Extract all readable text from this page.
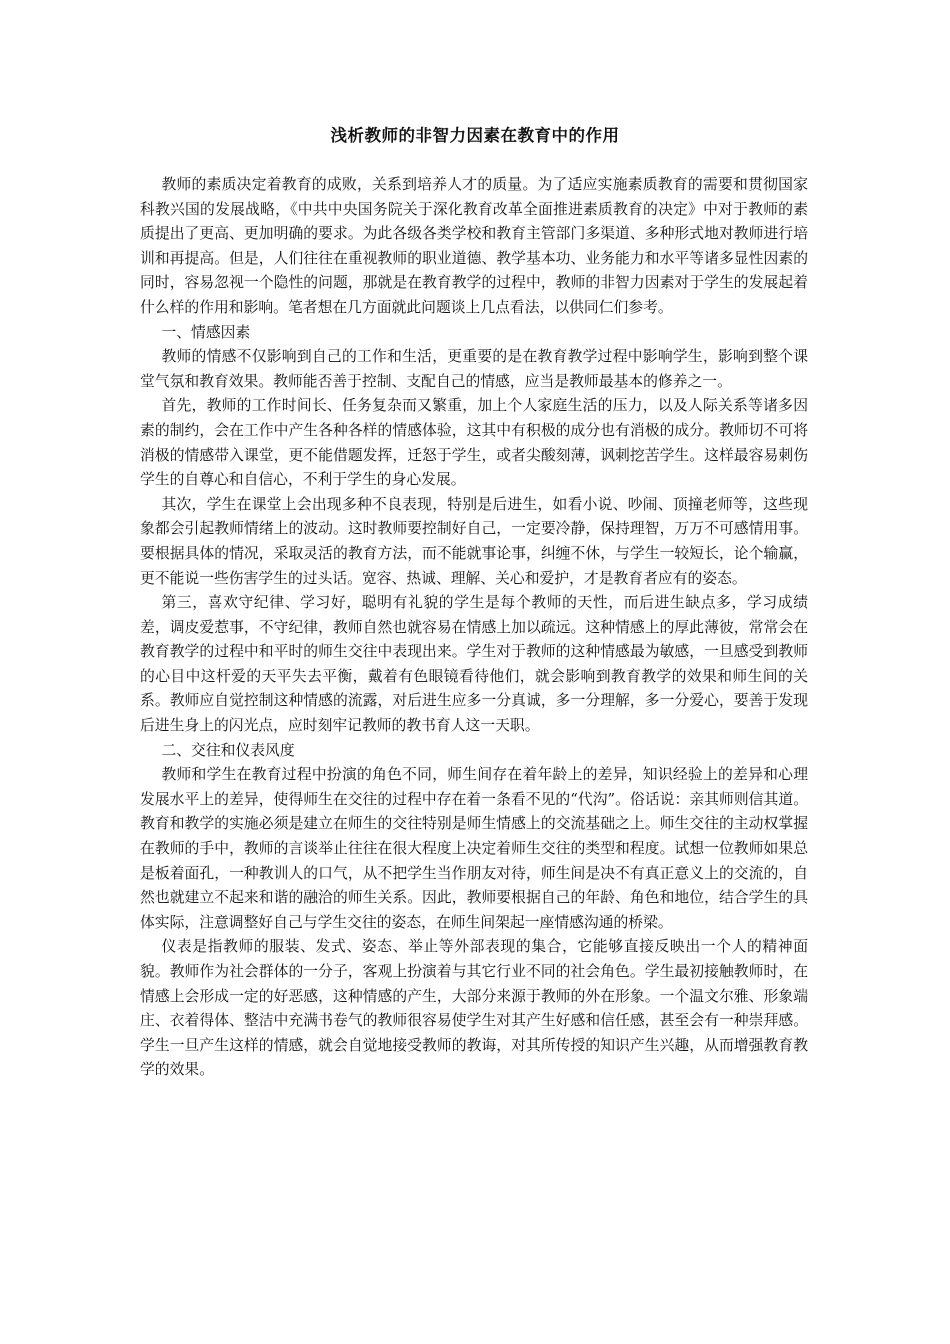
浅析教师的非智力因素在教育中的作用

教师的素质决定着教育的成败，关系到培养人才的质量。为了适应实施素质教育的需要和贯彻国家科教兴国的发展战略，《中共中央国务院关于深化教育改革全面推进素质教育的决定》中对于教师的素质提出了更高、更加明确的要求。为此各级各类学校和教育主管部门多渠道、多种形式地对教师进行培训和再提高。但是，人们往往在重视教师的职业道德、教学基本功、业务能力和水平等诸多显性因素的同时，容易忽视一个隐性的问题，那就是在教育教学的过程中，教师的非智力因素对于学生的发展起着什么样的作用和影响。笔者想在几方面就此问题谈上几点看法，以供同仁们参考。

一、情感因素

教师的情感不仅影响到自己的工作和生活，更重要的是在教育教学过程中影响学生，影响到整个课堂气氛和教育效果。教师能否善于控制、支配自己的情感，应当是教师最基本的修养之一。

首先，教师的工作时间长、任务复杂而又繁重，加上个人家庭生活的压力，以及人际关系等诸多因素的制约，会在工作中产生各种各样的情感体验，这其中有积极的成分也有消极的成分。教师切不可将消极的情感带入课堂，更不能借题发挥，迁怒于学生，或者尖酸刻薄，讽刺挖苦学生。这样最容易刺伤学生的自尊心和自信心，不利于学生的身心发展。

其次，学生在课堂上会出现多种不良表现，特别是后进生，如看小说、吵闹、顶撞老师等，这些现象都会引起教师情绪上的波动。这时教师要控制好自己，一定要冷静，保持理智，万万不可感情用事。要根据具体的情况，采取灵活的教育方法，而不能就事论事，纠缠不休，与学生一较短长，论个输赢，更不能说一些伤害学生的过头话。宽容、热诚、理解、关心和爱护，才是教育者应有的姿态。

第三，喜欢守纪律、学习好，聪明有礼貌的学生是每个教师的天性，而后进生缺点多，学习成绩差，调皮爱惹事，不守纪律，教师自然也就容易在情感上加以疏远。这种情感上的厚此薄彼，常常会在教育教学的过程中和平时的师生交往中表现出来。学生对于教师的这种情感最为敏感，一旦感受到教师的心目中这杆爱的天平失去平衡，戴着有色眼镜看待他们，就会影响到教育教学的效果和师生间的关系。教师应自觉控制这种情感的流露，对后进生应多一分真诚，多一分理解，多一分爱心，要善于发现后进生身上的闪光点，应时刻牢记教师的教书育人这一天职。

二、交往和仪表风度

教师和学生在教育过程中扮演的角色不同，师生间存在着年龄上的差异，知识经验上的差异和心理发展水平上的差异，使得师生在交往的过程中存在着一条看不见的“代沟”。俗话说：亲其师则信其道。教育和教学的实施必须是建立在师生的交往特别是师生情感上的交流基础之上。师生交往的主动权掌握在教师的手中，教师的言谈举止往往在很大程度上决定着师生交往的类型和程度。试想一位教师如果总是板着面孔，一种教训人的口气，从不把学生当作朋友对待，师生间是决不有真正意义上的交流的，自然也就建立不起来和谐的融洽的师生关系。因此，教师要根据自己的年龄、角色和地位，结合学生的具体实际，注意调整好自己与学生交往的姿态，在师生间架起一座情感沟通的桥梁。

仪表是指教师的服装、发式、姿态、举止等外部表现的集合，它能够直接反映出一个人的精神面貌。教师作为社会群体的一分子，客观上扮演着与其它行业不同的社会角色。学生最初接触教师时，在情感上会形成一定的好恶感，这种情感的产生，大部分来源于教师的外在形象。一个温文尔雅、形象端庄、衣着得体、整洁中充满书卷气的教师很容易使学生对其产生好感和信任感，甚至会有一种崇拜感。学生一旦产生这样的情感，就会自觉地接受教师的教诲，对其所传授的知识产生兴趣，从而增强教育教学的效果。
